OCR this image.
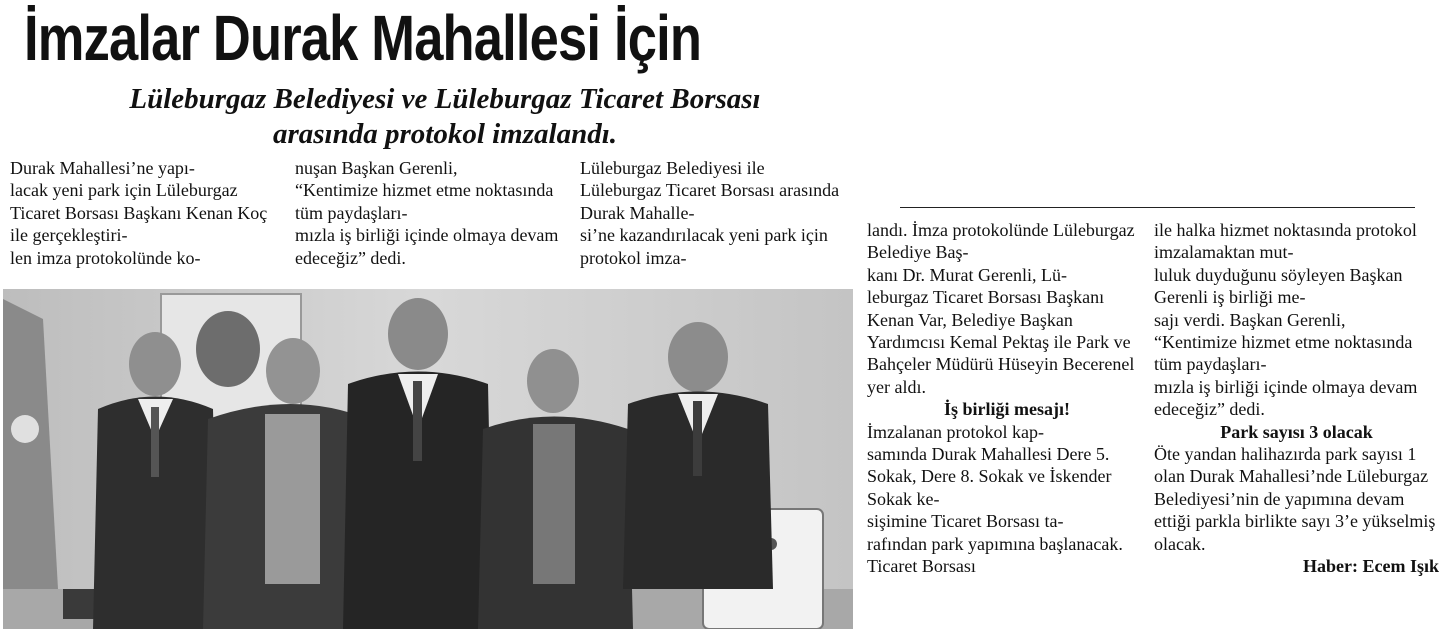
İmzalar Durak Mahallesi İçin
Lüleburgaz Belediyesi ve Lüleburgaz Ticaret Borsası
arasında protokol imzalandı.
Durak Mahallesi’ne yapı-
lacak yeni park için Lüleburgaz Ticaret Borsası Başkanı Kenan Koç ile gerçekleştiri-
len imza protokolünde ko-
nuşan Başkan Gerenli,
“Kentimize hizmet etme noktasında tüm paydaşları-
mızla iş birliği içinde olmaya devam edeceğiz” dedi.
Lüleburgaz Belediyesi ile Lüleburgaz Ticaret Borsası arasında Durak Mahalle-
si’ne kazandırılacak yeni park için protokol imza-
landı. İmza protokolünde Lüleburgaz Belediye Baş-
kanı Dr. Murat Gerenli, Lü-
leburgaz Ticaret Borsası Başkanı Kenan Var, Belediye Başkan Yardımcısı Kemal Pektaş ile Park ve Bahçeler Müdürü Hüseyin Becerenel yer aldı.

İş birliği mesajı!
İmzalanan protokol kap-
samında Durak Mahallesi Dere 5. Sokak, Dere 8. Sokak ve İskender Sokak ke-
sişimine Ticaret Borsası ta-
rafından park yapımına başlanacak. Ticaret Borsası
ile halka hizmet noktasında protokol imzalamaktan mut-
luluk duyduğunu söyleyen Başkan Gerenli iş birliği me-
sajı verdi. Başkan Gerenli,
“Kentimize hizmet etme noktasında tüm paydaşları-
mızla iş birliği içinde olmaya devam edeceğiz” dedi.

Park sayısı 3 olacak
Öte yandan halihazırda park sayısı 1 olan Durak Mahallesi’nde Lüleburgaz Belediyesi’nin de yapımına devam ettiği parkla birlikte sayı 3’e yükselmiş olacak.
Haber: Ecem Işık
